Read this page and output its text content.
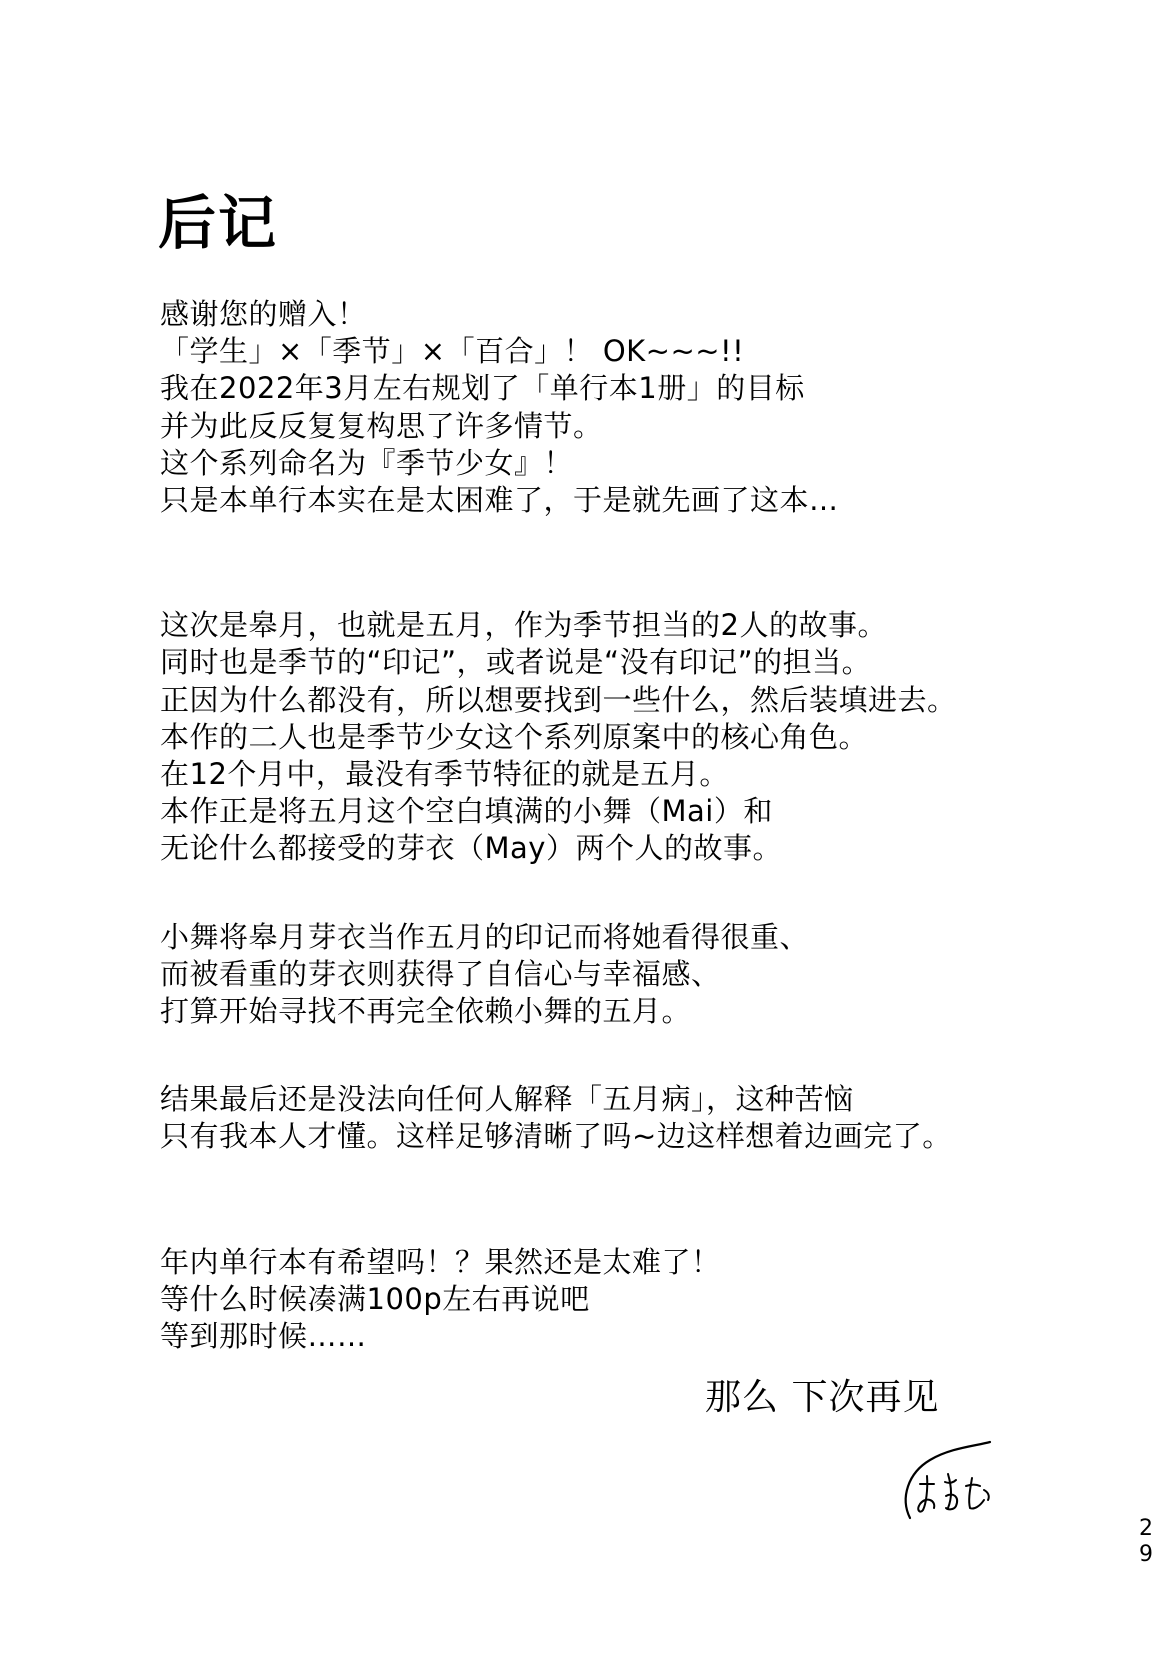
后记

感谢您的赠入！
「学生」×「季节」×「百合」！ OK~~~!!
我在2022年3月左右规划了「单行本1册」的目标
并为此反反复复构思了许多情节。
这个系列命名为『季节少女』！
只是本单行本实在是太困难了，于是就先画了这本…

这次是皋月，也就是五月，作为季节担当的2人的故事。
同时也是季节的“印记”，或者说是“没有印记”的担当。
正因为什么都没有，所以想要找到一些什么，然后装填进去。
本作的二人也是季节少女这个系列原案中的核心角色。
在12个月中，最没有季节特征的就是五月。
本作正是将五月这个空白填满的小舞（Mai）和
无论什么都接受的芽衣（May）两个人的故事。

小舞将皋月芽衣当作五月的印记而将她看得很重、
而被看重的芽衣则获得了自信心与幸福感、
打算开始寻找不再完全依赖小舞的五月。

结果最后还是没法向任何人解释「五月病」，这种苦恼
只有我本人才懂。这样足够清晰了吗~边这样想着边画完了。

年内单行本有希望吗！？果然还是太难了！
等什么时候凑满100p左右再说吧
等到那时候……

那么 下次再见

29
